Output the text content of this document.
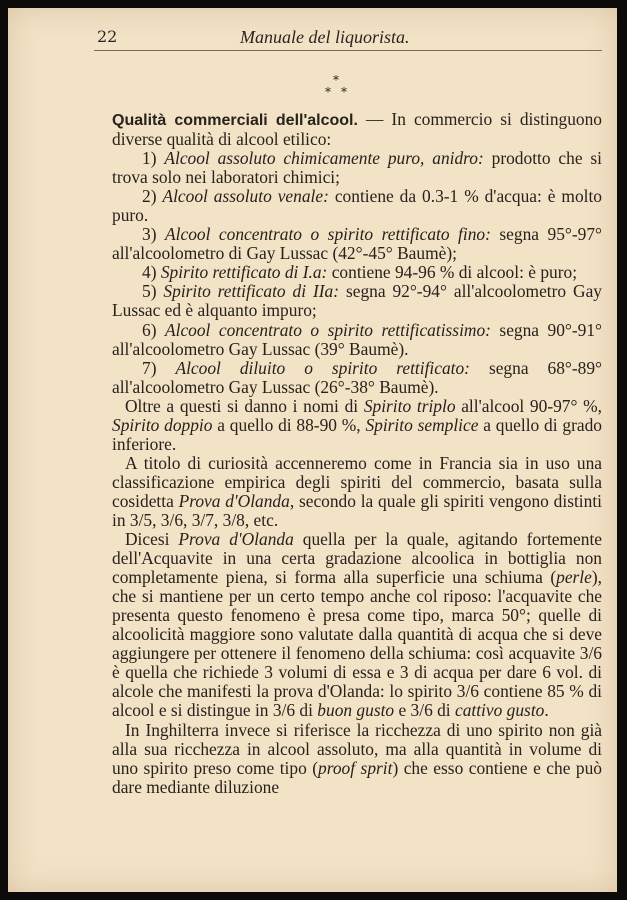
22	Manuale del liquorista.
*
* *

Qualità commerciali dell'alcool. — In commercio si distinguono diverse qualità di alcool etilico:

1) Alcool assoluto chimicamente puro, anidro: prodotto che si trova solo nei laboratori chimici;

2) Alcool assoluto venale: contiene da 0.3-1 % d'acqua: è molto puro.

3) Alcool concentrato o spirito rettificato fino: segna 95°-97° all'alcoolometro di Gay Lussac (42°-45° Baumè);

4) Spirito rettificato di I.a: contiene 94-96 % di alcool: è puro;

5) Spirito rettificato di IIa: segna 92°-94° all'alcoolometro Gay Lussac ed è alquanto impuro;

6) Alcool concentrato o spirito rettificatissimo: segna 90°-91° all'alcoolometro Gay Lussac (39° Baumè).

7) Alcool diluito o spirito rettificato: segna 68°-89° all'alcoolometro Gay Lussac (26°-38° Baumè).

Oltre a questi si danno i nomi di Spirito triplo all'alcool 90-97° %, Spirito doppio a quello di 88-90 %, Spirito semplice a quello di grado inferiore.

A titolo di curiosità accenneremo come in Francia sia in uso una classificazione empirica degli spiriti del commercio, basata sulla cosidetta Prova d'Olanda, secondo la quale gli spiriti vengono distinti in 3/5, 3/6, 3/7, 3/8, etc.

Dicesi Prova d'Olanda quella per la quale, agitando fortemente dell'Acquavite in una certa gradazione alcoolica in bottiglia non completamente piena, si forma alla superficie una schiuma (perle), che si mantiene per un certo tempo anche col riposo: l'acquavite che presenta questo fenomeno è presa come tipo, marca 50°; quelle di alcoolicità maggiore sono valutate dalla quantità di acqua che si deve aggiungere per ottenere il fenomeno della schiuma: così acquavite 3/6 è quella che richiede 3 volumi di essa e 3 di acqua per dare 6 vol. di alcole che manifesti la prova d'Olanda: lo spirito 3/6 contiene 85 % di alcool e si distingue in 3/6 di buon gusto e 3/6 di cattivo gusto.

In Inghilterra invece si riferisce la ricchezza di uno spirito non già alla sua ricchezza in alcool assoluto, ma alla quantità in volume di uno spirito preso come tipo (proof sprit) che esso contiene e che può dare mediante diluzione
